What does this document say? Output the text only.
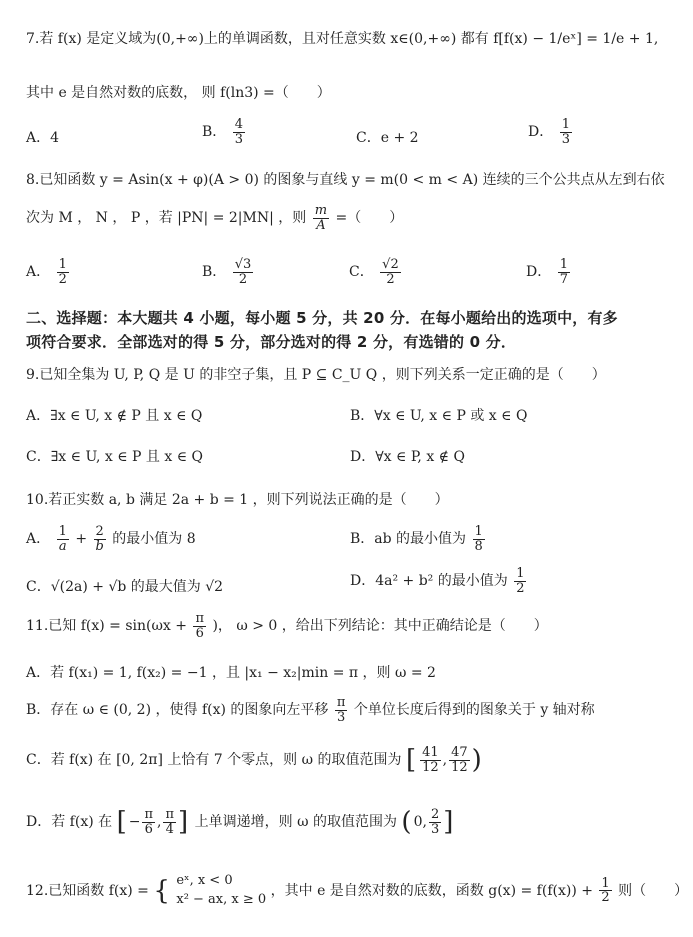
7.若 f(x) 是定义域为(0,+∞)上的单调函数，且对任意实数 x∈(0,+∞) 都有 f[f(x) − 1/eˣ] = 1/e + 1,
其中 e 是自然对数的底数， 则 f(ln3) =（　　）
A．4	B． $\frac{4}{3}$	C．e + 2	D． $\frac{1}{3}$
8.已知函数 y = Asin(x + φ)(A > 0) 的图象与直线 y = m(0 < m < A) 连续的三个公共点从左到右依
次为 M ， N ， P ，若 |PN| = 2|MN| ，则 $\frac{m}{A}$ =（　　）
A． $\frac{1}{2}$	B． $\frac{√3}{2}$	C． $\frac{√2}{2}$	D． $\frac{1}{7}$
二、选择题：本大题共 4 小题，每小题 5 分，共 20 分．在每小题给出的选项中，有多
项符合要求．全部选对的得 5 分，部分选对的得 2 分，有选错的 0 分．
9.已知全集为 U, P, Q 是 U 的非空子集，且 P ⊆ C_U Q ，则下列关系一定正确的是（　　）
A．∃x ∈ U, x ∉ P 且 x ∈ Q	B．∀x ∈ U, x ∈ P 或 x ∈ Q
C．∃x ∈ U, x ∈ P 且 x ∈ Q	D．∀x ∈ P, x ∉ Q
10.若正实数 a, b 满足 2a + b = 1 ，则下列说法正确的是（　　）
A． $\frac{1}{a} + \frac{2}{b}$ 的最小值为 8	B．ab 的最小值为 $\frac{1}{8}$
C．√(2a) + √b 的最大值为 √2	D．4a² + b² 的最小值为 $\frac{1}{2}$
11.已知 $f(x) = \sin(\omega x + \frac{\pi}{6}$ )， ω > 0 ，给出下列结论：其中正确结论是（　　）
A．若 f(x₁) = 1, f(x₂) = −1 ，且 |x₁ − x₂|min = π ，则 ω = 2
B．存在 ω ∈ (0, 2) ，使得 f(x) 的图象向左平移 $\frac{\pi}{3}$ 个单位长度后得到的图象关于 y 轴对称
C．若 f(x) 在 [0, 2π] 上恰有 7 个零点，则 ω 的取值范围为 [ $\frac{41}{12}$ , $\frac{47}{12}$ )
D．若 f(x) 在 [ − $\frac{\pi}{6}$ , $\frac{\pi}{4}$ ] 上单调递增，则 ω 的取值范围为 ( 0, $\frac{2}{3}$ ]
12.已知函数 f(x) = { eˣ, x < 0
x² − ax, x ≥ 0
，其中 e 是自然对数的底数，函数 $g(x) = f(f(x)) + \frac{1}{2}$ 则（　　）
